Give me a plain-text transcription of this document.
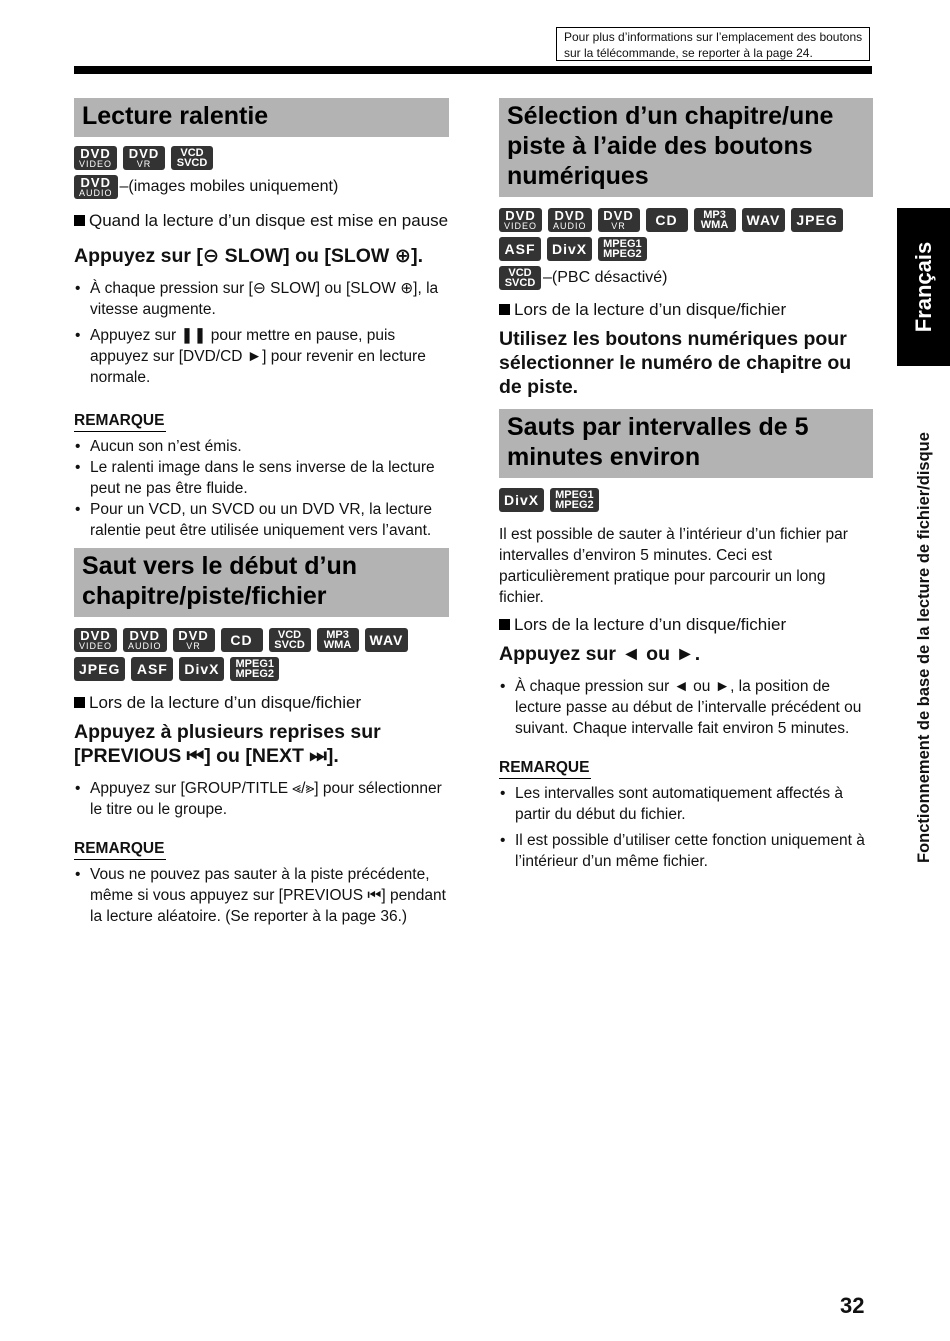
Pour plus d’informations sur l’emplacement des boutons sur la télécommande, se reporter à la page 24.
Lecture ralentie
DVD
VIDEO
DVD
VR
VCD
SVCD
DVD
AUDIO –(images mobiles uniquement)
Quand la lecture d’un disque est mise en pause
Appuyez sur [⊖ SLOW] ou [SLOW ⊕].
• À chaque pression sur [⊖ SLOW] ou [SLOW ⊕], la vitesse augmente.
• Appuyez sur ❚❚ pour mettre en pause, puis appuyez sur [DVD/CD ►] pour revenir en lecture normale.
REMARQUE
• Aucun son n’est émis.
• Le ralenti image dans le sens inverse de la lecture peut ne pas être fluide.
• Pour un VCD, un SVCD ou un DVD VR, la lecture ralentie peut être utilisée uniquement vers l’avant.
Saut vers le début d’un chapitre/piste/fichier
DVD
VIDEO
DVD
AUDIO
DVD
VR	CD	VCD
SVCD
MP3
WMA	WAV
JPEG	ASF	DivX	MPEG1
MPEG2
Lors de la lecture d’un disque/fichier
Appuyez à plusieurs reprises sur [PREVIOUS ⏮] ou [NEXT ⏭].
• Appuyez sur [GROUP/TITLE ⪡/⪢] pour sélectionner le titre ou le groupe.
REMARQUE
• Vous ne pouvez pas sauter à la piste précédente, même si vous appuyez sur [PREVIOUS ⏮] pendant la lecture aléatoire. (Se reporter à la page 36.)
Sélection d’un chapitre/une piste à l’aide des boutons numériques
DVD
VIDEO
DVD
AUDIO
DVD
VR	CD	MP3
WMA	WAV	JPEG
ASF	DivX	MPEG1
MPEG2
VCD
SVCD –(PBC désactivé)
Lors de la lecture d’un disque/fichier
Utilisez les boutons numériques pour sélectionner le numéro de chapitre ou de piste.
Sauts par intervalles de 5 minutes environ
DivX	MPEG1
MPEG2
Il est possible de sauter à l’intérieur d’un fichier par intervalles d’environ 5 minutes. Ceci est particulièrement pratique pour parcourir un long fichier.
Lors de la lecture d’un disque/fichier
Appuyez sur ◄ ou ►.
• À chaque pression sur ◄ ou ►, la position de lecture passe au début de l’intervalle précédent ou suivant. Chaque intervalle fait environ 5 minutes.
REMARQUE
• Les intervalles sont automatiquement affectés à partir du début du fichier.
• Il est possible d’utiliser cette fonction uniquement à l’intérieur d’un même fichier.
Français
Fonctionnement de base de la lecture de fichier/disque
32
